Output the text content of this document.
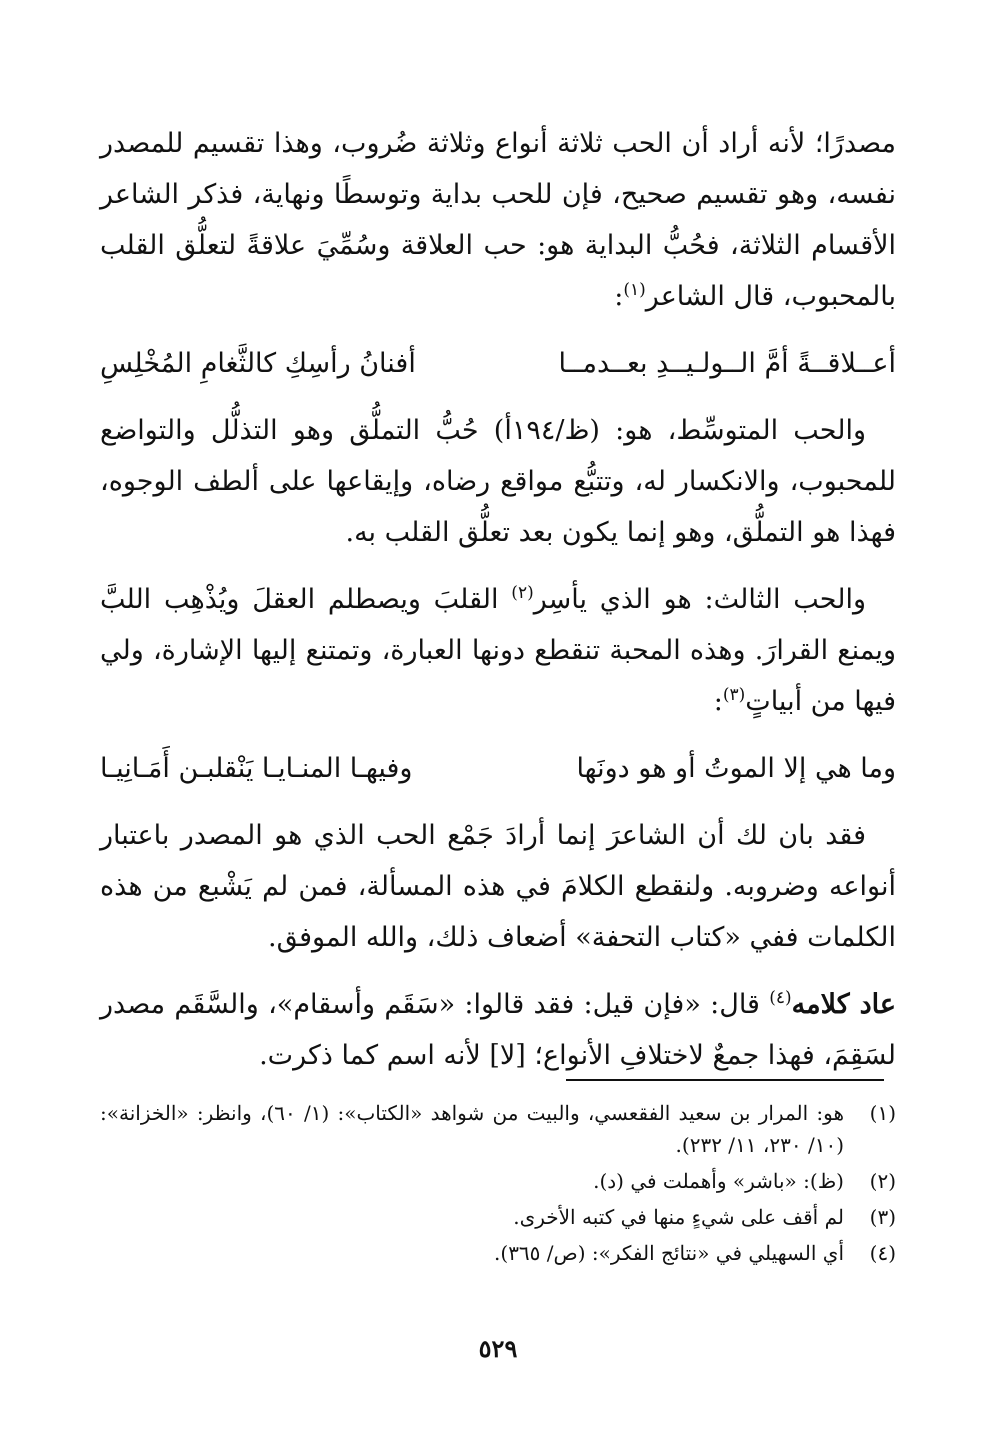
مصدرًا؛ لأنه أراد أن الحب ثلاثة أنواع وثلاثة ضُروب، وهذا تقسيم للمصدر نفسه، وهو تقسيم صحيح، فإن للحب بداية وتوسطًا ونهاية، فذكر الشاعر الأقسام الثلاثة، فحُبُّ البداية هو: حب العلاقة وسُمِّيَ علاقةً لتعلُّق القلب بالمحبوب، قال الشاعر$^{(١)}$:

أعــلاقــةً أمَّ الــولـيــدِ بعــدمــا
أفنانُ رأسِكِ كالثَّغامِ المُخْلِسِ

والحب المتوسِّط، هو: (ظ/١٩٤أ) حُبُّ التملُّق وهو التذلُّل والتواضع للمحبوب، والانكسار له، وتتبُّع مواقع رضاه، وإيقاعها على ألطف الوجوه، فهذا هو التملُّق، وهو إنما يكون بعد تعلُّق القلب به.

والحب الثالث: هو الذي يأسِر$^{(٢)}$ القلبَ ويصطلم العقلَ ويُذْهِب اللبَّ ويمنع القرارَ. وهذه المحبة تنقطع دونها العبارة، وتمتنع إليها الإشارة، ولي فيها من أبياتٍ$^{(٣)}$:

وما هي إلا الموتُ أو هو دونَها
وفيهـا المنـايـا يَنْقلبـن أَمَـانِيـا

فقد بان لك أن الشاعرَ إنما أرادَ جَمْع الحب الذي هو المصدر باعتبار أنواعه وضروبه. ولنقطع الكلامَ في هذه المسألة، فمن لم يَشْبع من هذه الكلمات ففي «كتاب التحفة» أضعاف ذلك، والله الموفق.

عاد كلامه$^{(٤)}$ قال: «فإن قيل: فقد قالوا: «سَقَم وأسقام»، والسَّقَم مصدر لسَقِمَ، فهذا جمعٌ لاختلافِ الأنواع؛ [لا] لأنه اسم كما ذكرت.

(١)
هو: المرار بن سعيد الفقعسي، والبيت من شواهد «الكتاب»: (١/ ٦٠)، وانظر: «الخزانة»: (١٠/ ٢٣٠، ١١/ ٢٣٢).
(٢)
(ظ): «باشر» وأهملت في (د).
(٣)
لم أقف على شيءٍ منها في كتبه الأخرى.
(٤)
أي السهيلي في «نتائج الفكر»: (ص/ ٣٦٥).
٥٢٩
